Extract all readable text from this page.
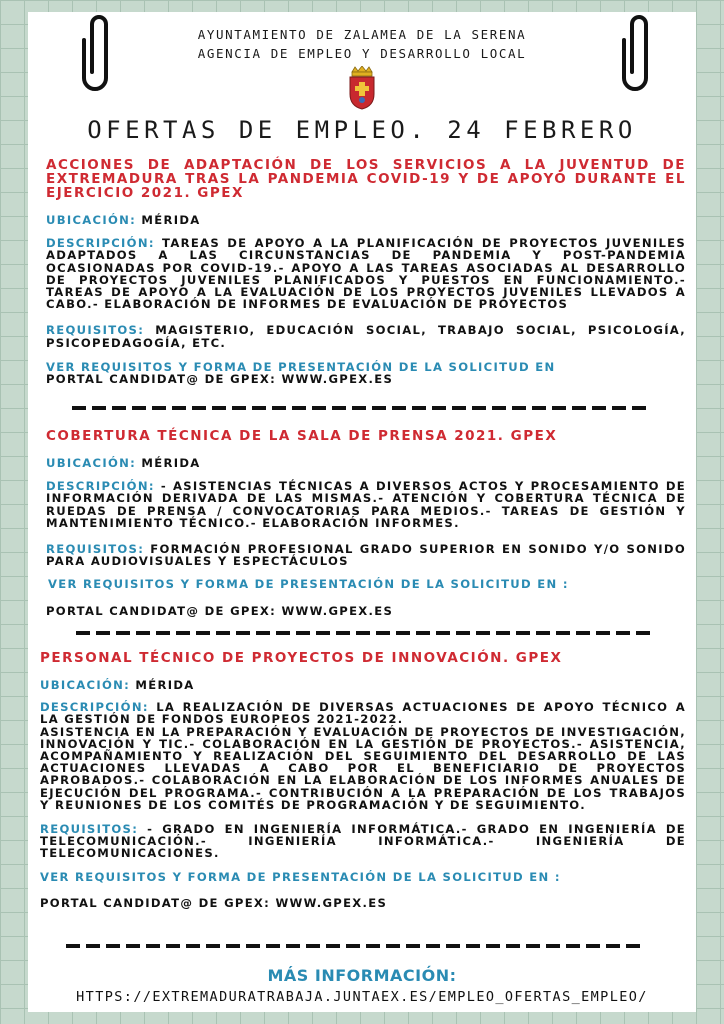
AYUNTAMIENTO DE ZALAMEA DE LA SERENA
AGENCIA DE EMPLEO Y DESARROLLO LOCAL
OFERTAS DE EMPLEO. 24 FEBRERO

ACCIONES DE ADAPTACIÓN DE LOS SERVICIOS A LA JUVENTUD DE EXTREMADURA TRAS LA PANDEMIA COVID-19 Y DE APOYO DURANTE EL EJERCICIO 2021. GPEX

UBICACIÓN: MÉRIDA

DESCRIPCIÓN: TAREAS DE APOYO A LA PLANIFICACIÓN DE PROYECTOS JUVENILES ADAPTADOS A LAS CIRCUNSTANCIAS DE PANDEMIA Y POST-PANDEMIA OCASIONADAS POR COVID-19.- APOYO A LAS TAREAS ASOCIADAS AL DESARROLLO DE PROYECTOS JUVENILES PLANIFICADOS Y PUESTOS EN FUNCIONAMIENTO.- TAREAS DE APOYO A LA EVALUACIÓN DE LOS PROYECTOS JUVENILES LLEVADOS A CABO.- ELABORACIÓN DE INFORMES DE EVALUACIÓN DE PROYECTOS

REQUISITOS: MAGISTERIO, EDUCACIÓN SOCIAL, TRABAJO SOCIAL, PSICOLOGÍA, PSICOPEDAGOGÍA, ETC.

VER REQUISITOS Y FORMA DE PRESENTACIÓN DE LA SOLICITUD EN

PORTAL CANDIDAT@ DE GPEX: WWW.GPEX.ES

COBERTURA TÉCNICA DE LA SALA DE PRENSA 2021. GPEX

UBICACIÓN: MÉRIDA

DESCRIPCIÓN: - ASISTENCIAS TÉCNICAS A DIVERSOS ACTOS Y PROCESAMIENTO DE INFORMACIÓN DERIVADA DE LAS MISMAS.- ATENCIÓN Y COBERTURA TÉCNICA DE RUEDAS DE PRENSA / CONVOCATORIAS PARA MEDIOS.- TAREAS DE GESTIÓN Y MANTENIMIENTO TÉCNICO.- ELABORACIÓN INFORMES.

REQUISITOS: FORMACIÓN PROFESIONAL GRADO SUPERIOR EN SONIDO Y/O SONIDO PARA AUDIOVISUALES Y ESPECTÁCULOS

VER REQUISITOS Y FORMA DE PRESENTACIÓN DE LA SOLICITUD EN :

PORTAL CANDIDAT@ DE GPEX: WWW.GPEX.ES

PERSONAL TÉCNICO DE PROYECTOS DE INNOVACIÓN. GPEX

UBICACIÓN: MÉRIDA

DESCRIPCIÓN: LA REALIZACIÓN DE DIVERSAS ACTUACIONES DE APOYO TÉCNICO A LA GESTIÓN DE FONDOS EUROPEOS 2021-2022.

ASISTENCIA EN LA PREPARACIÓN Y EVALUACIÓN DE PROYECTOS DE INVESTIGACIÓN, INNOVACIÓN Y TIC.- COLABORACIÓN EN LA GESTIÓN DE PROYECTOS.- ASISTENCIA, ACOMPAÑAMIENTO Y REALIZACIÓN DEL SEGUIMIENTO DEL DESARROLLO DE LAS ACTUACIONES LLEVADAS A CABO POR EL BENEFICIARIO DE PROYECTOS APROBADOS.- COLABORACIÓN EN LA ELABORACIÓN DE LOS INFORMES ANUALES DE EJECUCIÓN DEL PROGRAMA.- CONTRIBUCIÓN A LA PREPARACIÓN DE LOS TRABAJOS Y REUNIONES DE LOS COMITÉS DE PROGRAMACIÓN Y DE SEGUIMIENTO.

REQUISITOS: - GRADO EN INGENIERÍA INFORMÁTICA.- GRADO EN INGENIERÍA DE TELECOMUNICACIÓN.- INGENIERÍA INFORMÁTICA.- INGENIERÍA DE TELECOMUNICACIONES.

VER REQUISITOS Y FORMA DE PRESENTACIÓN DE LA SOLICITUD EN :

PORTAL CANDIDAT@ DE GPEX: WWW.GPEX.ES

MÁS INFORMACIÓN:
HTTPS://EXTREMADURATRABAJA.JUNTAEX.ES/EMPLEO_OFERTAS_EMPLEO/
